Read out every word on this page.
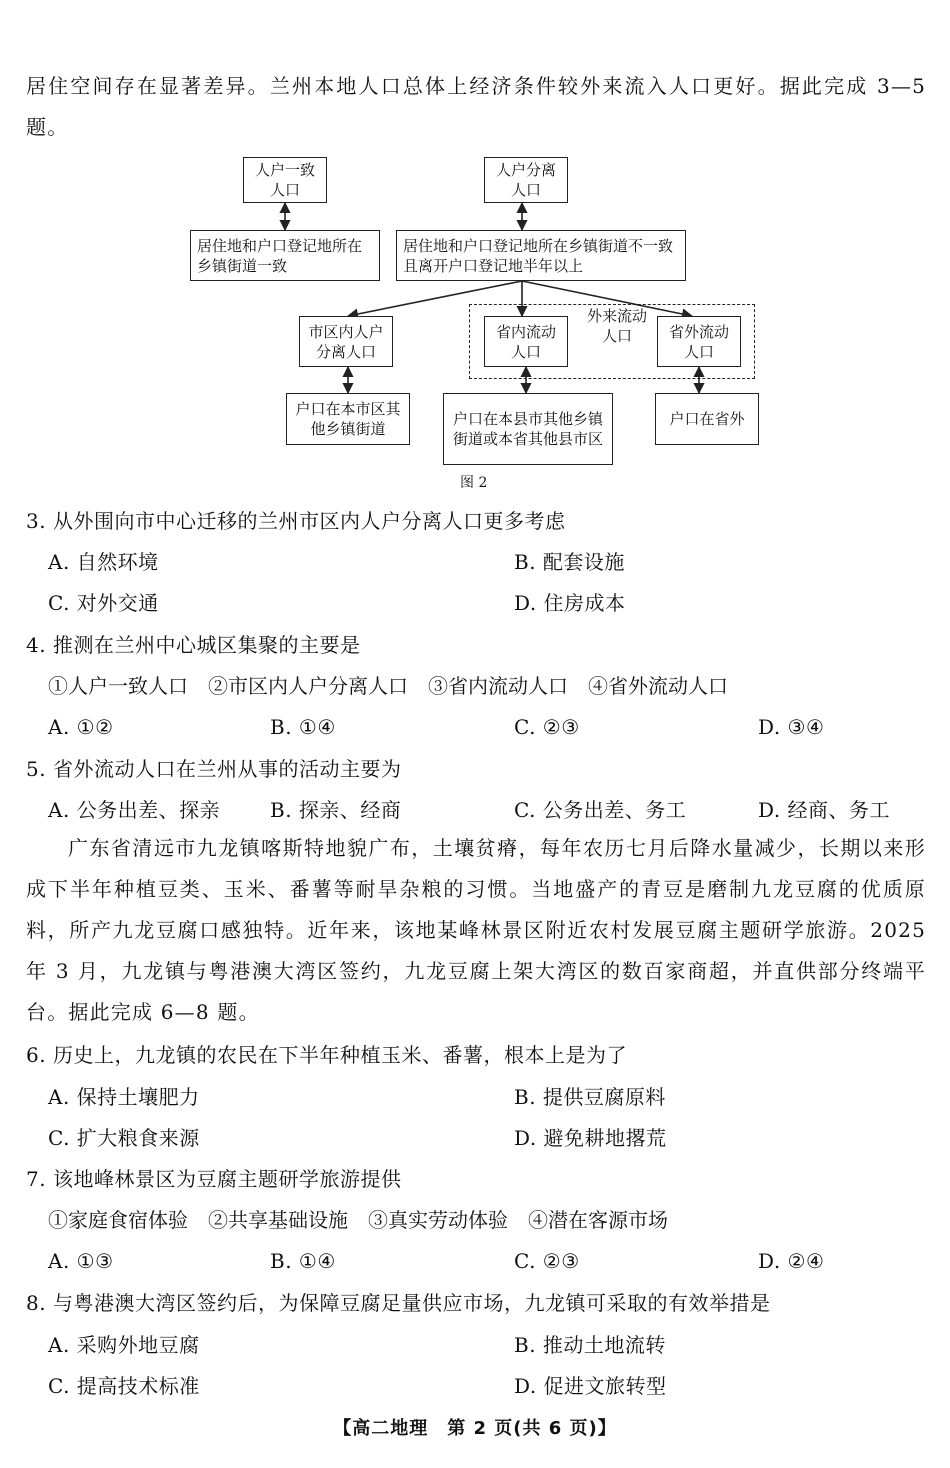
居住空间存在显著差异。兰州本地人口总体上经济条件较外来流入人口更好。据此完成 3—5 题。

人户一致人口
人户分离人口
居住地和户口登记地所在乡镇街道一致
居住地和户口登记地所在乡镇街道不一致且离开户口登记地半年以上
外来流动人口
市区内人户分离人口
省内流动人口
省外流动人口
户口在本市区其他乡镇街道
户口在本县市其他乡镇街道或本省其他县市区
户口在省外
图 2
3. 从外围向市中心迁移的兰州市区内人户分离人口更多考虑
A. 自然环境	B. 配套设施
C. 对外交通	D. 住房成本
4. 推测在兰州中心城区集聚的主要是
①人户一致人口 ②市区内人户分离人口 ③省内流动人口 ④省外流动人口
A. ①②	B. ①④	C. ②③	D. ③④
5. 省外流动人口在兰州从事的活动主要为
A. 公务出差、探亲 B. 探亲、经商	C. 公务出差、务工	D. 经商、务工

广东省清远市九龙镇喀斯特地貌广布，土壤贫瘠，每年农历七月后降水量减少，长期以来形成下半年种植豆类、玉米、番薯等耐旱杂粮的习惯。当地盛产的青豆是磨制九龙豆腐的优质原料，所产九龙豆腐口感独特。近年来，该地某峰林景区附近农村发展豆腐主题研学旅游。2025 年 3 月，九龙镇与粤港澳大湾区签约，九龙豆腐上架大湾区的数百家商超，并直供部分终端平台。据此完成 6—8 题。

6. 历史上，九龙镇的农民在下半年种植玉米、番薯，根本上是为了
A. 保持土壤肥力	B. 提供豆腐原料
C. 扩大粮食来源	D. 避免耕地撂荒
7. 该地峰林景区为豆腐主题研学旅游提供
①家庭食宿体验 ②共享基础设施 ③真实劳动体验 ④潜在客源市场
A. ①③	B. ①④	C. ②③	D. ②④
8. 与粤港澳大湾区签约后，为保障豆腐足量供应市场，九龙镇可采取的有效举措是
A. 采购外地豆腐	B. 推动土地流转
C. 提高技术标准	D. 促进文旅转型
【高二地理　第 2 页(共 6 页)】
